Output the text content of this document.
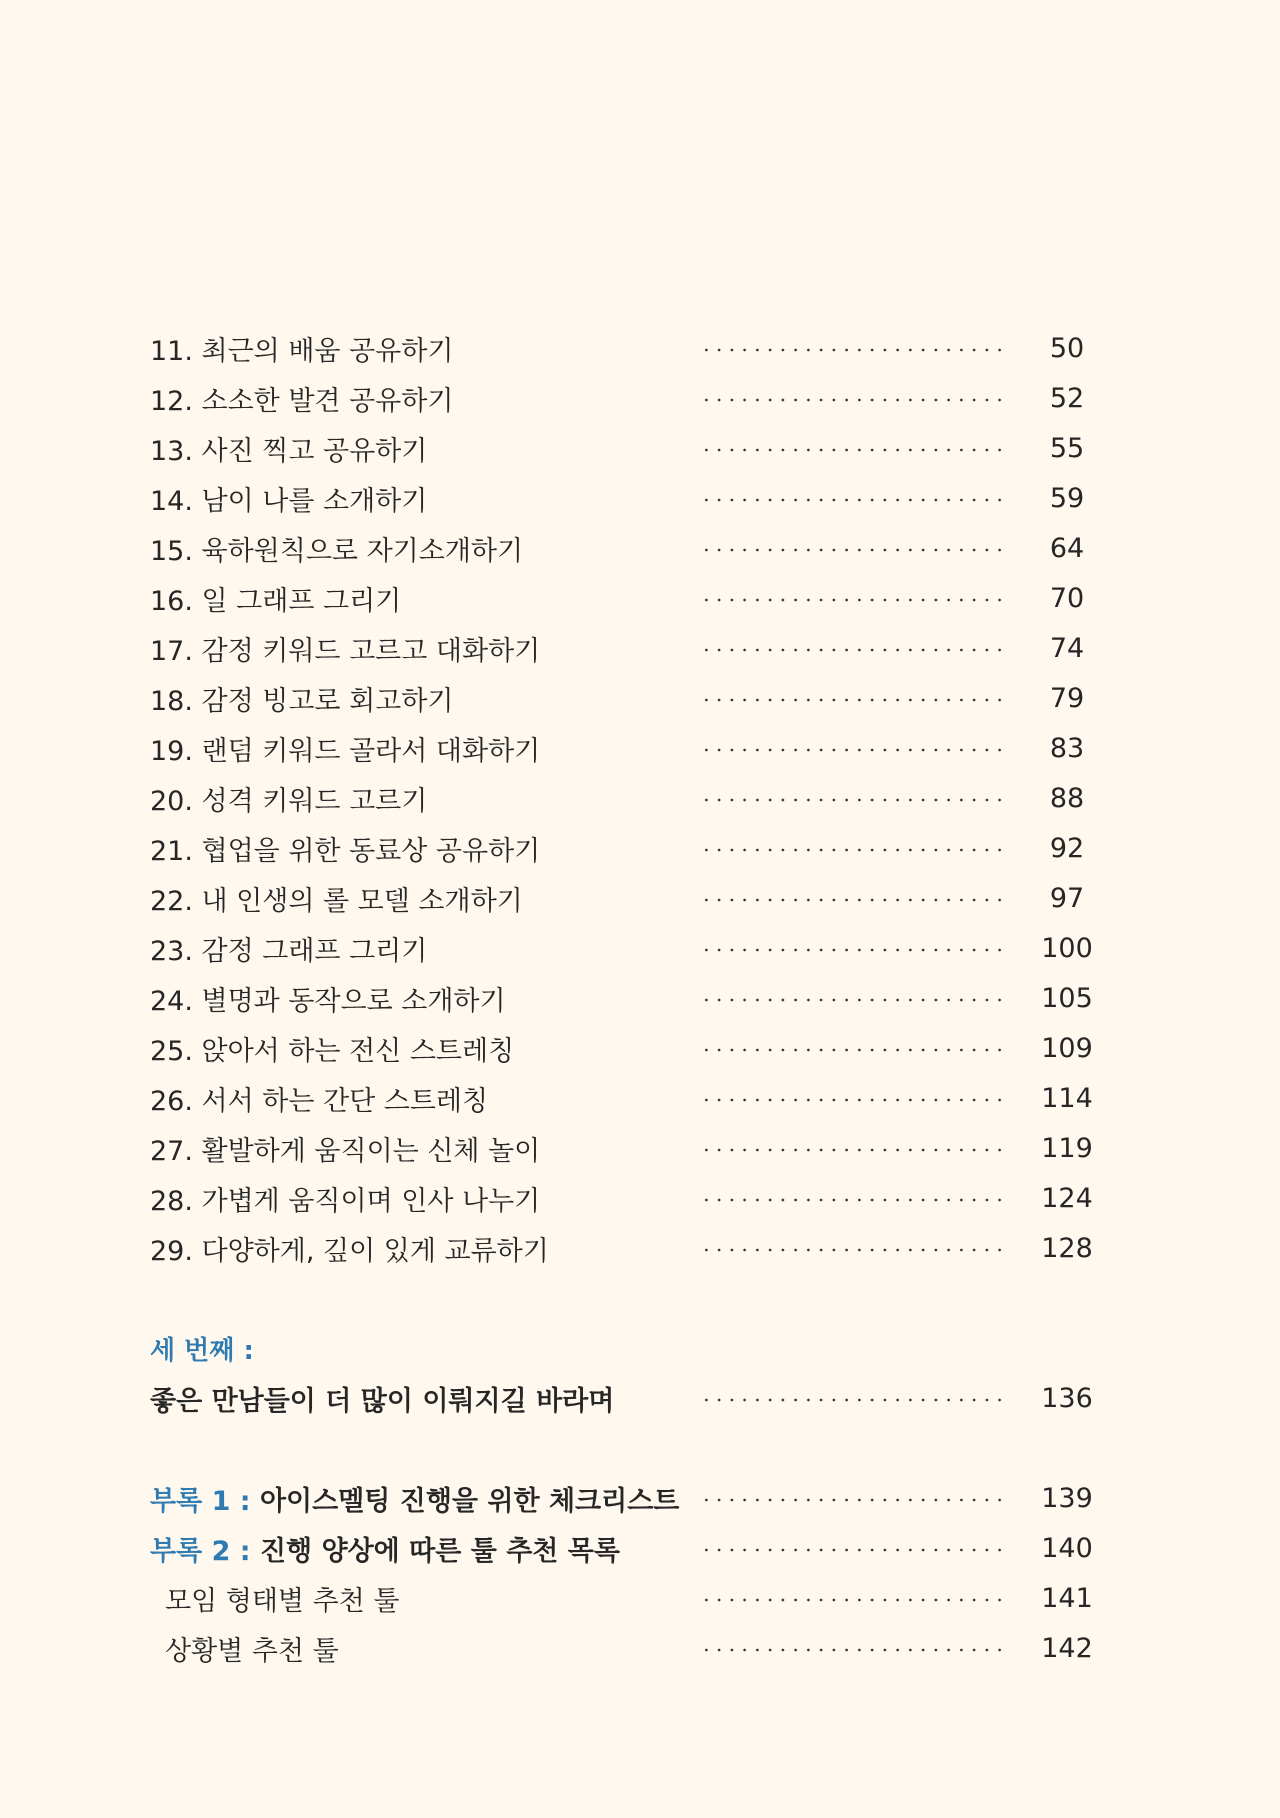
11. 최근의 배움 공유하기	50
12. 소소한 발견 공유하기	52
13. 사진 찍고 공유하기	55
14. 남이 나를 소개하기	59
15. 육하원칙으로 자기소개하기	64
16. 일 그래프 그리기	70
17. 감정 키워드 고르고 대화하기	74
18. 감정 빙고로 회고하기	79
19. 랜덤 키워드 골라서 대화하기	83
20. 성격 키워드 고르기	88
21. 협업을 위한 동료상 공유하기	92
22. 내 인생의 롤 모델 소개하기	97
23. 감정 그래프 그리기	100
24. 별명과 동작으로 소개하기	105
25. 앉아서 하는 전신 스트레칭	109
26. 서서 하는 간단 스트레칭	114
27. 활발하게 움직이는 신체 놀이	119
28. 가볍게 움직이며 인사 나누기	124
29. 다양하게, 깊이 있게 교류하기	128
세 번째 :
좋은 만남들이 더 많이 이뤄지길 바라며	136
부록 1 : 아이스멜팅 진행을 위한 체크리스트	139
부록 2 : 진행 양상에 따른 툴 추천 목록	140
모임 형태별 추천 툴	141
상황별 추천 툴	142
